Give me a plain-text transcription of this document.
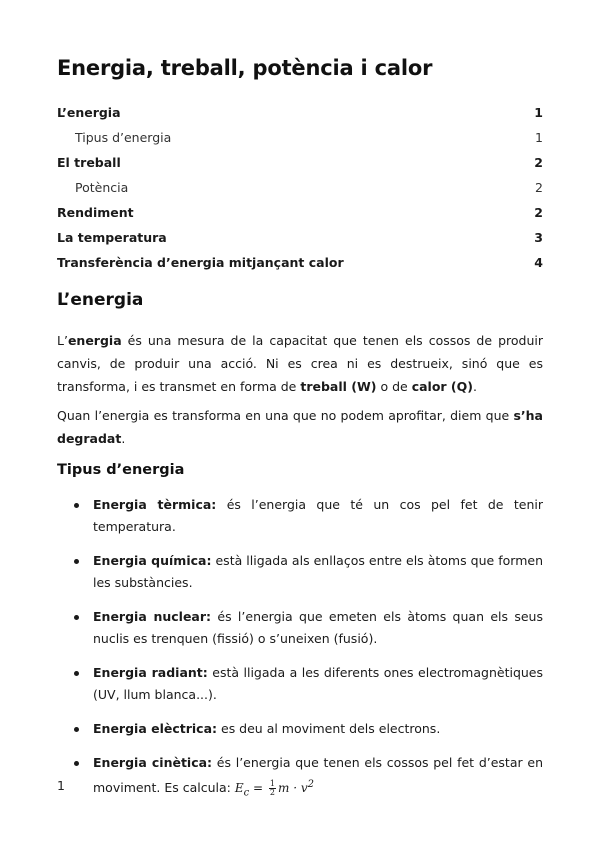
Energia, treball, potència i calor
L’energia	1
Tipus d’energia	1
El treball	2
Potència	2
Rendiment	2
La temperatura	3
Transferència d’energia mitjançant calor	4
L’energia

L’energia és una mesura de la capacitat que tenen els cossos de produir canvis, de produir una acció. Ni es crea ni es destrueix, sinó que es transforma, i es transmet en forma de treball (W) o de calor (Q).

Quan l’energia es transforma en una que no podem aprofitar, diem que s’ha degradat.

Tipus d’energia
Energia tèrmica: és l’energia que té un cos pel fet de tenir temperatura.
Energia química: està lligada als enllaços entre els àtoms que formen les substàncies.
Energia nuclear: és l’energia que emeten els àtoms quan els seus nuclis es trenquen (fissió) o s’uneixen (fusió).
Energia radiant: està lligada a les diferents ones electromagnètiques (UV, llum blanca...).
Energia elèctrica: es deu al moviment dels electrons.
Energia cinètica: és l’energia que tenen els cossos pel fet d’estar en moviment. Es calcula: $E_c = \frac{1}{2}$ $m \cdot v^2$
1
